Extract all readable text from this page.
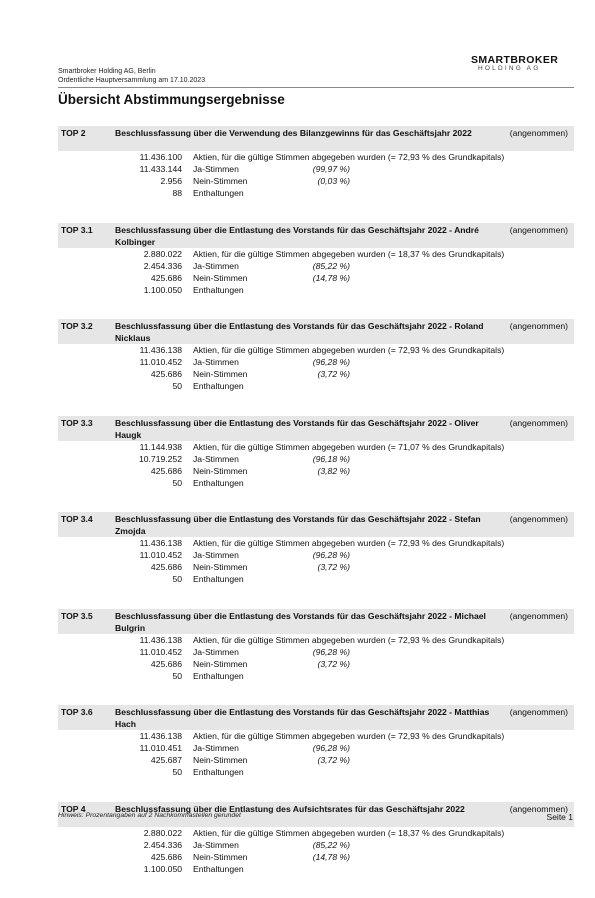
Smartbroker Holding AG, Berlin
Ordentliche Hauptversammlung am 17.10.2023
SMARTBROKER
HOLDING AG
Übersicht Abstimmungsergebnisse
TOP 2	Beschlussfassung über die Verwendung des Bilanzgewinns für das Geschäftsjahr 2022	(angenommen)
11.436.100 Aktien, für die gültige Stimmen abgegeben wurden (= 72,93 % des Grundkapitals)
11.433.144 Ja-Stimmen	(99,97 %)
2.956 Nein-Stimmen	(0,03 %)
88 Enthaltungen
TOP 3.1	Beschlussfassung über die Entlastung des Vorstands für das Geschäftsjahr 2022 - André Kolbinger
(angenommen)
2.880.022 Aktien, für die gültige Stimmen abgegeben wurden (= 18,37 % des Grundkapitals)
2.454.336 Ja-Stimmen	(85,22 %)
425.686 Nein-Stimmen	(14,78 %)
1.100.050 Enthaltungen
TOP 3.2	Beschlussfassung über die Entlastung des Vorstands für das Geschäftsjahr 2022 - Roland Nicklaus
(angenommen)
11.436.138 Aktien, für die gültige Stimmen abgegeben wurden (= 72,93 % des Grundkapitals)
11.010.452 Ja-Stimmen	(96,28 %)
425.686 Nein-Stimmen	(3,72 %)
50 Enthaltungen
TOP 3.3	Beschlussfassung über die Entlastung des Vorstands für das Geschäftsjahr 2022 - Oliver Haugk
(angenommen)
11.144.938 Aktien, für die gültige Stimmen abgegeben wurden (= 71,07 % des Grundkapitals)
10.719.252 Ja-Stimmen	(96,18 %)
425.686 Nein-Stimmen	(3,82 %)
50 Enthaltungen
TOP 3.4	Beschlussfassung über die Entlastung des Vorstands für das Geschäftsjahr 2022 - Stefan Zmojda
(angenommen)
11.436.138 Aktien, für die gültige Stimmen abgegeben wurden (= 72,93 % des Grundkapitals)
11.010.452 Ja-Stimmen	(96,28 %)
425.686 Nein-Stimmen	(3,72 %)
50 Enthaltungen
TOP 3.5	Beschlussfassung über die Entlastung des Vorstands für das Geschäftsjahr 2022 - Michael Bulgrin
(angenommen)
11.436.138 Aktien, für die gültige Stimmen abgegeben wurden (= 72,93 % des Grundkapitals)
11.010.452 Ja-Stimmen	(96,28 %)
425.686 Nein-Stimmen	(3,72 %)
50 Enthaltungen
TOP 3.6	Beschlussfassung über die Entlastung des Vorstands für das Geschäftsjahr 2022 - Matthias Hach
(angenommen)
11.436.138 Aktien, für die gültige Stimmen abgegeben wurden (= 72,93 % des Grundkapitals)
11.010.451 Ja-Stimmen	(96,28 %)
425.687 Nein-Stimmen	(3,72 %)
50 Enthaltungen
TOP 4	Beschlussfassung über die Entlastung des Aufsichtsrates für das Geschäftsjahr 2022	(angenommen)
2.880.022 Aktien, für die gültige Stimmen abgegeben wurden (= 18,37 % des Grundkapitals)
2.454.336 Ja-Stimmen	(85,22 %)
425.686 Nein-Stimmen	(14,78 %)
1.100.050 Enthaltungen
Hinweis: Prozentangaben auf 2 Nachkommastellen gerundet	Seite 1
